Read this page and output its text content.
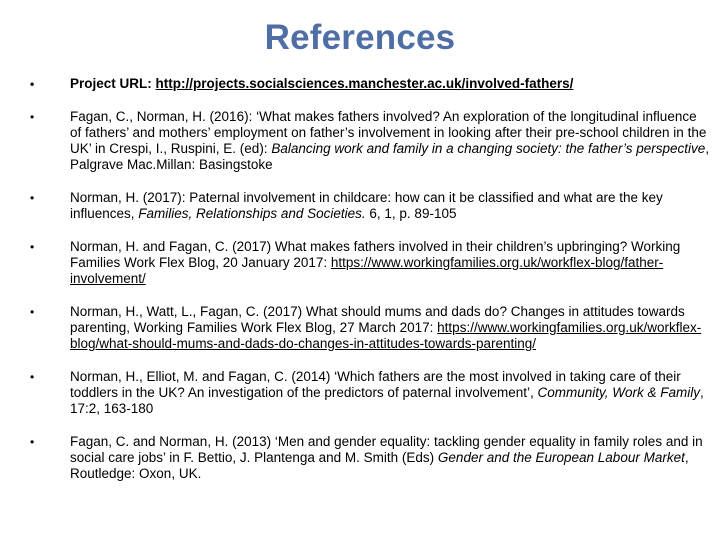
References
•	Project URL: http://projects.socialsciences.manchester.ac.uk/involved-fathers/
•	Fagan, C., Norman, H. (2016): ‘What makes fathers involved? An exploration of the longitudinal influence of fathers’ and mothers’ employment on father’s involvement in looking after their pre-school children in the UK’ in Crespi, I., Ruspini, E. (ed): Balancing work and family in a changing society: the father’s perspective, Palgrave Mac.Millan: Basingstoke
•	Norman, H. (2017): Paternal involvement in childcare: how can it be classified and what are the key influences, Families, Relationships and Societies. 6, 1, p. 89-105
•	Norman, H. and Fagan, C. (2017) What makes fathers involved in their children’s upbringing? Working Families Work Flex Blog, 20 January 2017: https://www.workingfamilies.org.uk/workflex-blog/father-involvement/
•	Norman, H., Watt, L., Fagan, C. (2017) What should mums and dads do? Changes in attitudes towards parenting, Working Families Work Flex Blog, 27 March 2017: https://www.workingfamilies.org.uk/workflex-blog/what-should-mums-and-dads-do-changes-in-attitudes-towards-parenting/
•	Norman, H., Elliot, M. and Fagan, C. (2014) ‘Which fathers are the most involved in taking care of their toddlers in the UK? An investigation of the predictors of paternal involvement’, Community, Work & Family, 17:2, 163-180
•	Fagan, C. and Norman, H. (2013) ‘Men and gender equality: tackling gender equality in family roles and in social care jobs’ in F. Bettio, J. Plantenga and M. Smith (Eds) Gender and the European Labour Market, Routledge: Oxon, UK.
